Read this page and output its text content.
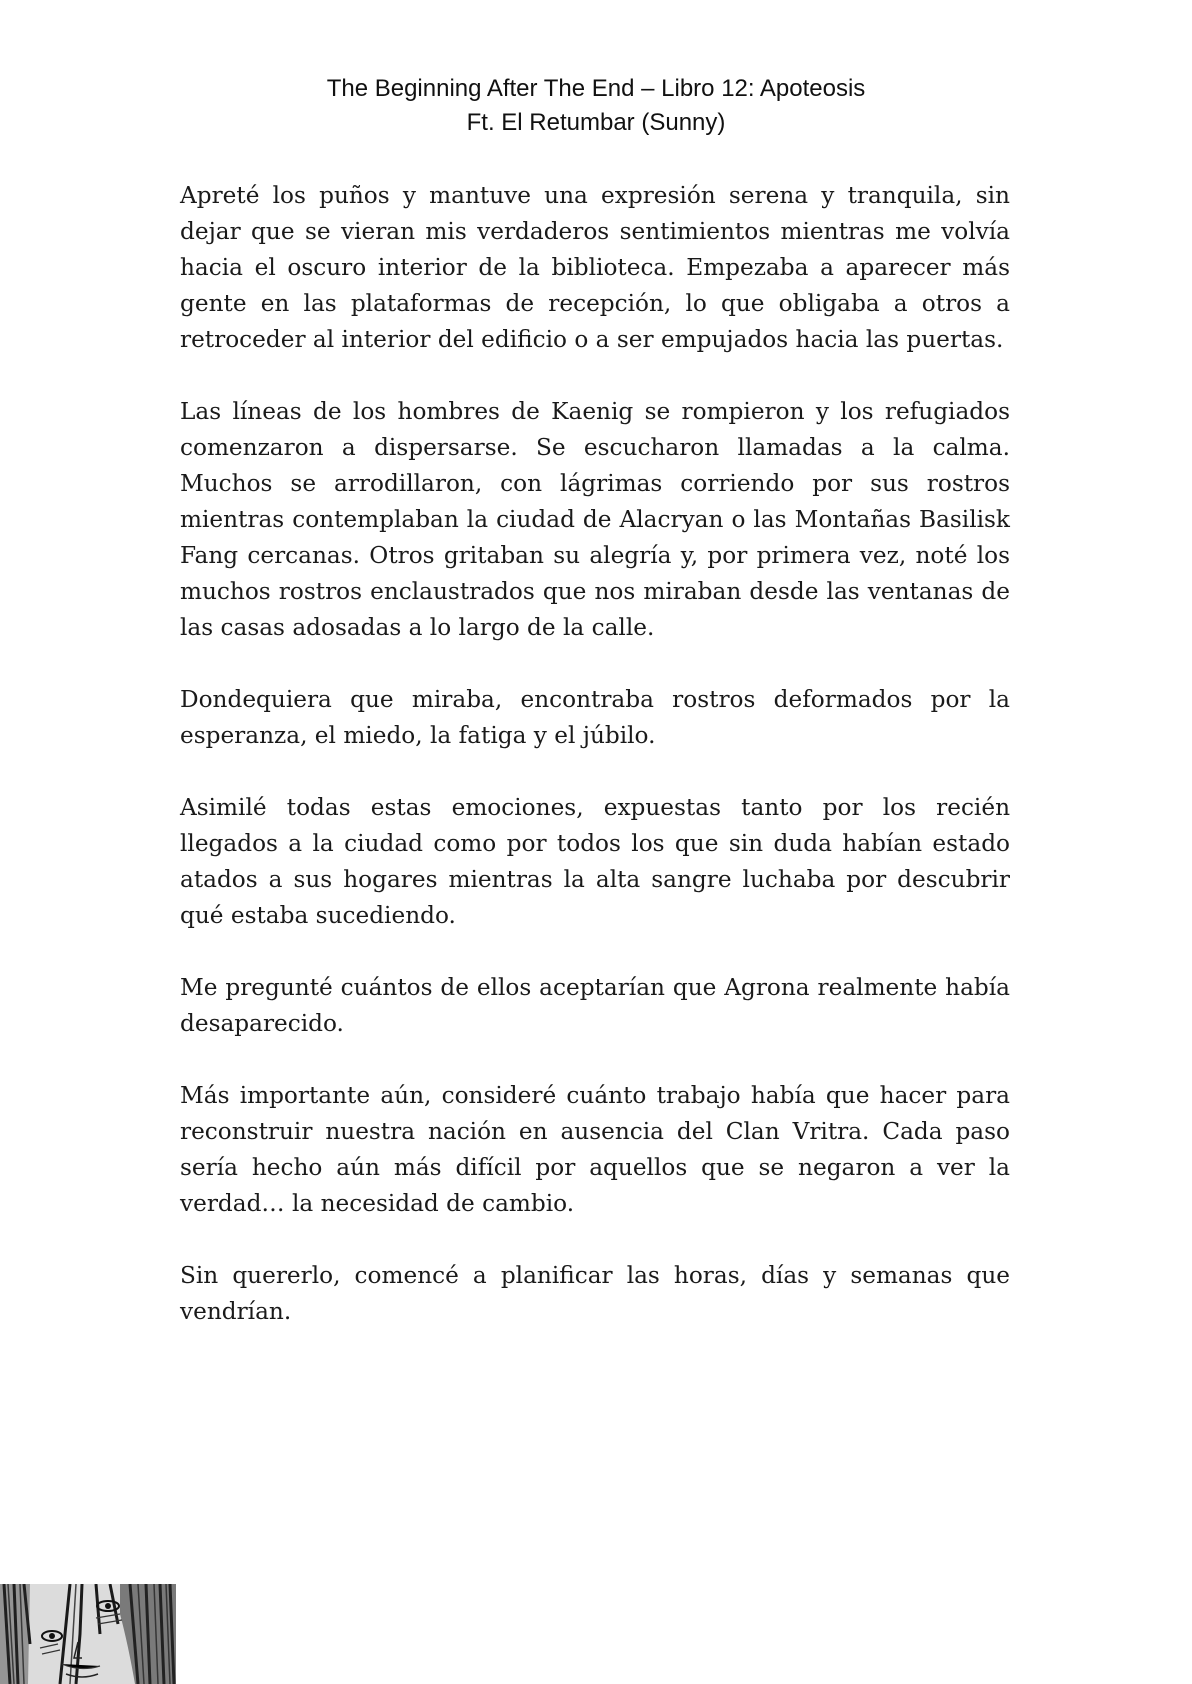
The Beginning After The End – Libro 12: Apoteosis
Ft. El Retumbar (Sunny)

Apreté los puños y mantuve una expresión serena y tranquila, sin dejar que se vieran mis verdaderos sentimientos mientras me volvía hacia el oscuro interior de la biblioteca. Empezaba a aparecer más gente en las plataformas de recepción, lo que obligaba a otros a retroceder al interior del edificio o a ser empujados hacia las puertas.

Las líneas de los hombres de Kaenig se rompieron y los refugiados comenzaron a dispersarse. Se escucharon llamadas a la calma. Muchos se arrodillaron, con lágrimas corriendo por sus rostros mientras contemplaban la ciudad de Alacryan o las Montañas Basilisk Fang cercanas. Otros gritaban su alegría y, por primera vez, noté los muchos rostros enclaustrados que nos miraban desde las ventanas de las casas adosadas a lo largo de la calle.

Dondequiera que miraba, encontraba rostros deformados por la esperanza, el miedo, la fatiga y el júbilo.

Asimilé todas estas emociones, expuestas tanto por los recién llegados a la ciudad como por todos los que sin duda habían estado atados a sus hogares mientras la alta sangre luchaba por descubrir qué estaba sucediendo.

Me pregunté cuántos de ellos aceptarían que Agrona realmente había desaparecido.

Más importante aún, consideré cuánto trabajo había que hacer para reconstruir nuestra nación en ausencia del Clan Vritra. Cada paso sería hecho aún más difícil por aquellos que se negaron a ver la verdad… la necesidad de cambio.

Sin quererlo, comencé a planificar las horas, días y semanas que vendrían.
